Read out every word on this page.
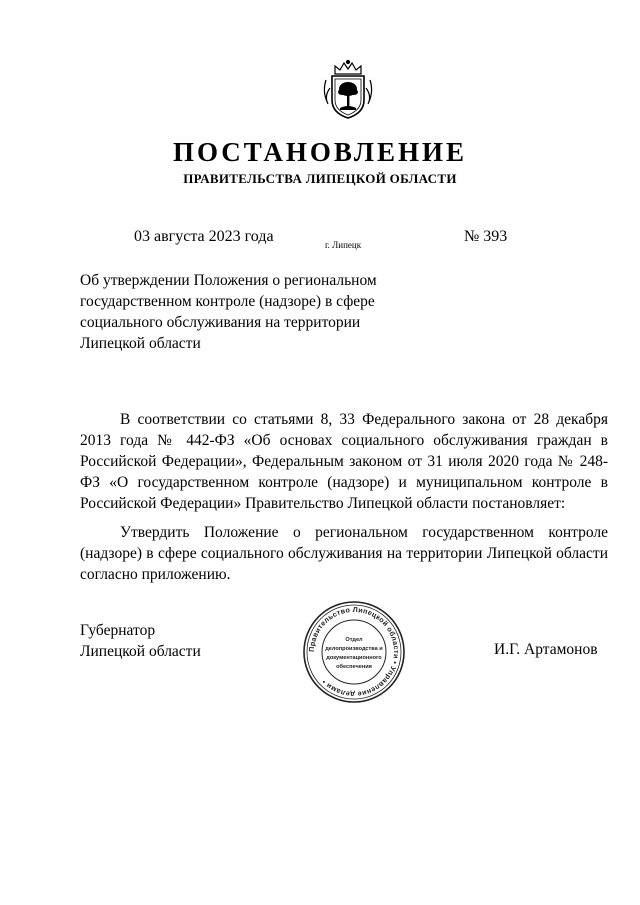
ПОСТАНОВЛЕНИЕ
ПРАВИТЕЛЬСТВА ЛИПЕЦКОЙ ОБЛАСТИ
03 августа 2023 года	г. Липецк	№ 393
Об утверждении Положения о региональном
государственном контроле (надзоре) в сфере
социального обслуживания на территории
Липецкой области
В соответствии со статьями 8, 33 Федерального закона от 28 декабря 2013 года № 442-ФЗ «Об основах социального обслуживания граждан в Российской Федерации», Федеральным законом от 31 июля 2020 года № 248-ФЗ «О государственном контроле (надзоре) и муниципальном контроле в Российской Федерации» Правительство Липецкой области постановляет:
Утвердить Положение о региональном государственном контроле (надзоре) в сфере социального обслуживания на территории Липецкой области согласно приложению.
Губернатор
Липецкой области	Правительство Липецкой области • Управление делами •
Отдел
делопроизводства и
документационного
обеспечения
И.Г. Артамонов
